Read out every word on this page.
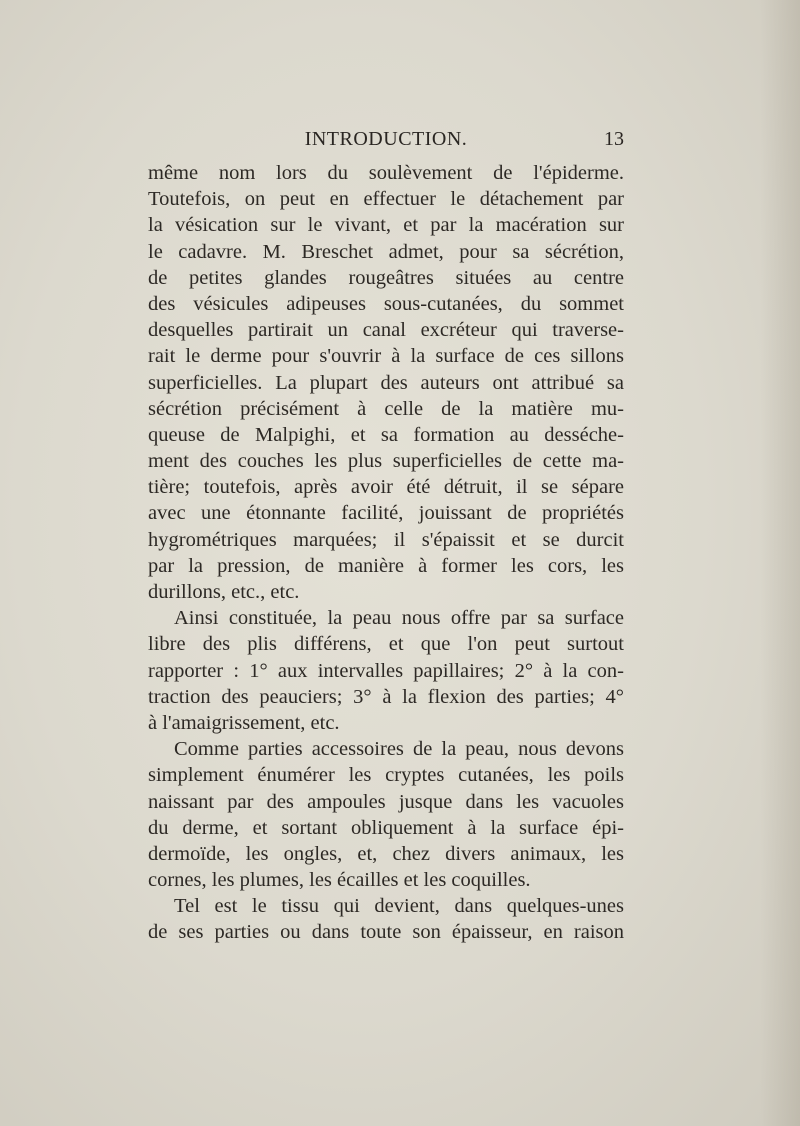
INTRODUCTION.	13
même nom lors du soulèvement de l'épiderme.
Toutefois, on peut en effectuer le détachement par
la vésication sur le vivant, et par la macération sur
le cadavre. M. Breschet admet, pour sa sécrétion,
de petites glandes rougeâtres situées au centre
des vésicules adipeuses sous-cutanées, du sommet
desquelles partirait un canal excréteur qui traverse-
rait le derme pour s'ouvrir à la surface de ces sillons
superficielles. La plupart des auteurs ont attribué sa
sécrétion précisément à celle de la matière mu-
queuse de Malpighi, et sa formation au desséche-
ment des couches les plus superficielles de cette ma-
tière; toutefois, après avoir été détruit, il se sépare
avec une étonnante facilité, jouissant de propriétés
hygrométriques marquées; il s'épaissit et se durcit
par la pression, de manière à former les cors, les
durillons, etc., etc.
Ainsi constituée, la peau nous offre par sa surface
libre des plis différens, et que l'on peut surtout
rapporter : 1° aux intervalles papillaires; 2° à la con-
traction des peauciers; 3° à la flexion des parties; 4°
à l'amaigrissement, etc.
Comme parties accessoires de la peau, nous devons
simplement énumérer les cryptes cutanées, les poils
naissant par des ampoules jusque dans les vacuoles
du derme, et sortant obliquement à la surface épi-
dermoïde, les ongles, et, chez divers animaux, les
cornes, les plumes, les écailles et les coquilles.
Tel est le tissu qui devient, dans quelques-unes
de ses parties ou dans toute son épaisseur, en raison
